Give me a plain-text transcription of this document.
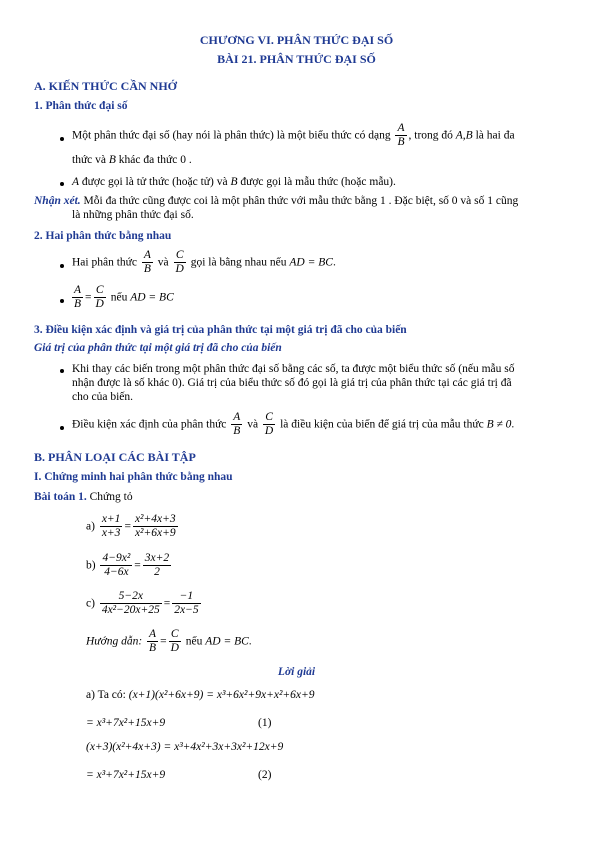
CHƯƠNG VI. PHÂN THỨC ĐẠI SỐ
BÀI 21. PHÂN THỨC ĐẠI SỐ
A. KIẾN THỨC CẦN NHỚ
1. Phân thức đại số
Một phân thức đại số (hay nói là phân thức) là một biểu thức có dạng $\frac{A}{B}$ , trong đó A,B là hai đa
thức và B khác đa thức 0 .
A được gọi là tử thức (hoặc tử) và B được gọi là mẫu thức (hoặc mẫu).
Nhận xét. Mỗi đa thức cũng được coi là một phân thức với mẫu thức bằng 1 . Đặc biệt, số 0 và số 1 cũng
là những phân thức đại số.
2. Hai phân thức bằng nhau
Hai phân thức $\frac{A}{B}$ và $\frac{C}{D}$ gọi là bằng nhau nếu AD = BC.
$\frac{A}{B} = \frac{C}{D}$ nếu AD = BC
3. Điều kiện xác định và giá trị của phân thức tại một giá trị đã cho của biến
Giá trị của phân thức tại một giá trị đã cho của biến
Khi thay các biến trong một phân thức đại số bằng các số, ta được một biểu thức số (nếu mẫu số
nhận được là số khác 0). Giá trị của biểu thức số đó gọi là giá trị của phân thức tại các giá trị đã
cho của biến.
Điều kiện xác định của phân thức $\frac{A}{B}$ và $\frac{C}{D}$ là điều kiện của biến để giá trị của mẫu thức B ≠ 0.
B. PHÂN LOẠI CÁC BÀI TẬP
I. Chứng minh hai phân thức bằng nhau
Bài toán 1. Chứng tỏ
$a) \frac{x+1}{x+3} = \frac{\text{x²+4x+3}}{\text{x²+6x+9}}$
$b) \frac{\text{4−9x²}}{4-6x} = \frac{3x+2}{2}$
$c) \frac{5-2x}{\text{4x²−20x+25}} = \frac{-1}{2x-5}$
Hướng dẫn: $\frac{A}{B} = \frac{C}{D}$ nếu AD = BC.
Lời giải
a) Ta có: (x+1)(x²+6x+9) = x³+6x²+9x+x²+6x+9
= x³+7x²+15x+9	(1)
(x+3)(x²+4x+3) = x³+4x²+3x+3x²+12x+9
= x³+7x²+15x+9	(2)
